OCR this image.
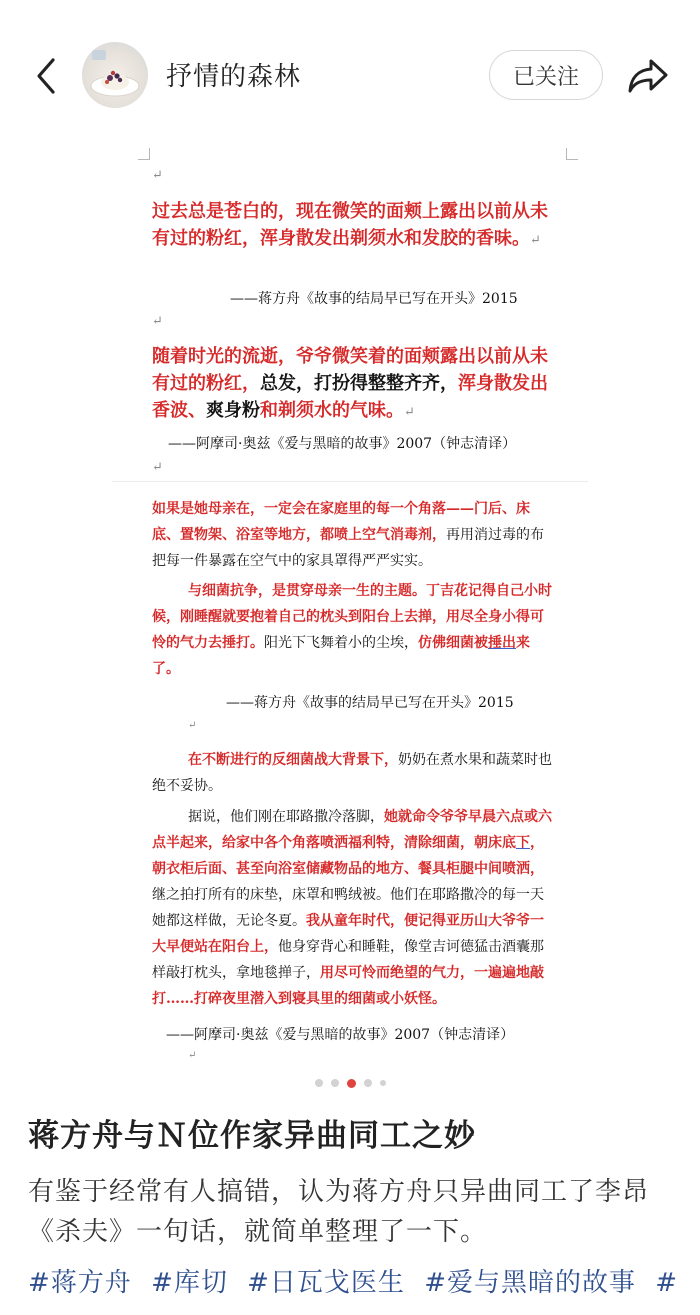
抒情的森林	已关注
↵
过去总是苍白的，现在微笑的面颊上露出以前从未有过的粉红，浑身散发出剃须水和发胶的香味。↵
——蒋方舟《故事的结局早已写在开头》2015
↵
随着时光的流逝，爷爷微笑着的面颊露出以前从未有过的粉红，总发，打扮得整整齐齐，浑身散发出香波、爽身粉和剃须水的气味。↵
——阿摩司·奥兹《爱与黑暗的故事》2007（钟志清译）
↵
如果是她母亲在，一定会在家庭里的每一个角落——门后、床底、置物架、浴室等地方，都喷上空气消毒剂，再用消过毒的布把每一件暴露在空气中的家具罩得严严实实。
与细菌抗争，是贯穿母亲一生的主题。丁吉花记得自己小时候，刚睡醒就要抱着自己的枕头到阳台上去掸，用尽全身小得可怜的气力去捶打。阳光下飞舞着小的尘埃，仿佛细菌被捶出来了。
——蒋方舟《故事的结局早已写在开头》2015
↵
在不断进行的反细菌战大背景下，奶奶在煮水果和蔬菜时也绝不妥协。
据说，他们刚在耶路撒冷落脚，她就命令爷爷早晨六点或六点半起来，给家中各个角落喷洒福利特，清除细菌，朝床底下，朝衣柜后面、甚至向浴室储藏物品的地方、餐具柜腿中间喷洒，继之拍打所有的床垫，床罩和鸭绒被。他们在耶路撒冷的每一天她都这样做，无论冬夏。我从童年时代，便记得亚历山大爷爷一大早便站在阳台上，他身穿背心和睡鞋，像堂吉诃德猛击酒囊那样敲打枕头，拿地毯掸子，用尽可怜而绝望的气力，一遍遍地敲打……打碎夜里潜入到寝具里的细菌或小妖怪。
——阿摩司·奥兹《爱与黑暗的故事》2007（钟志清译）
↵
蒋方舟与Ｎ位作家异曲同工之妙
有鉴于经常有人搞错，认为蒋方舟只异曲同工了李昂《杀夫》一句话，就简单整理了一下。
#蒋方舟 #库切 #日瓦戈医生 #爱与黑暗的故事 #
